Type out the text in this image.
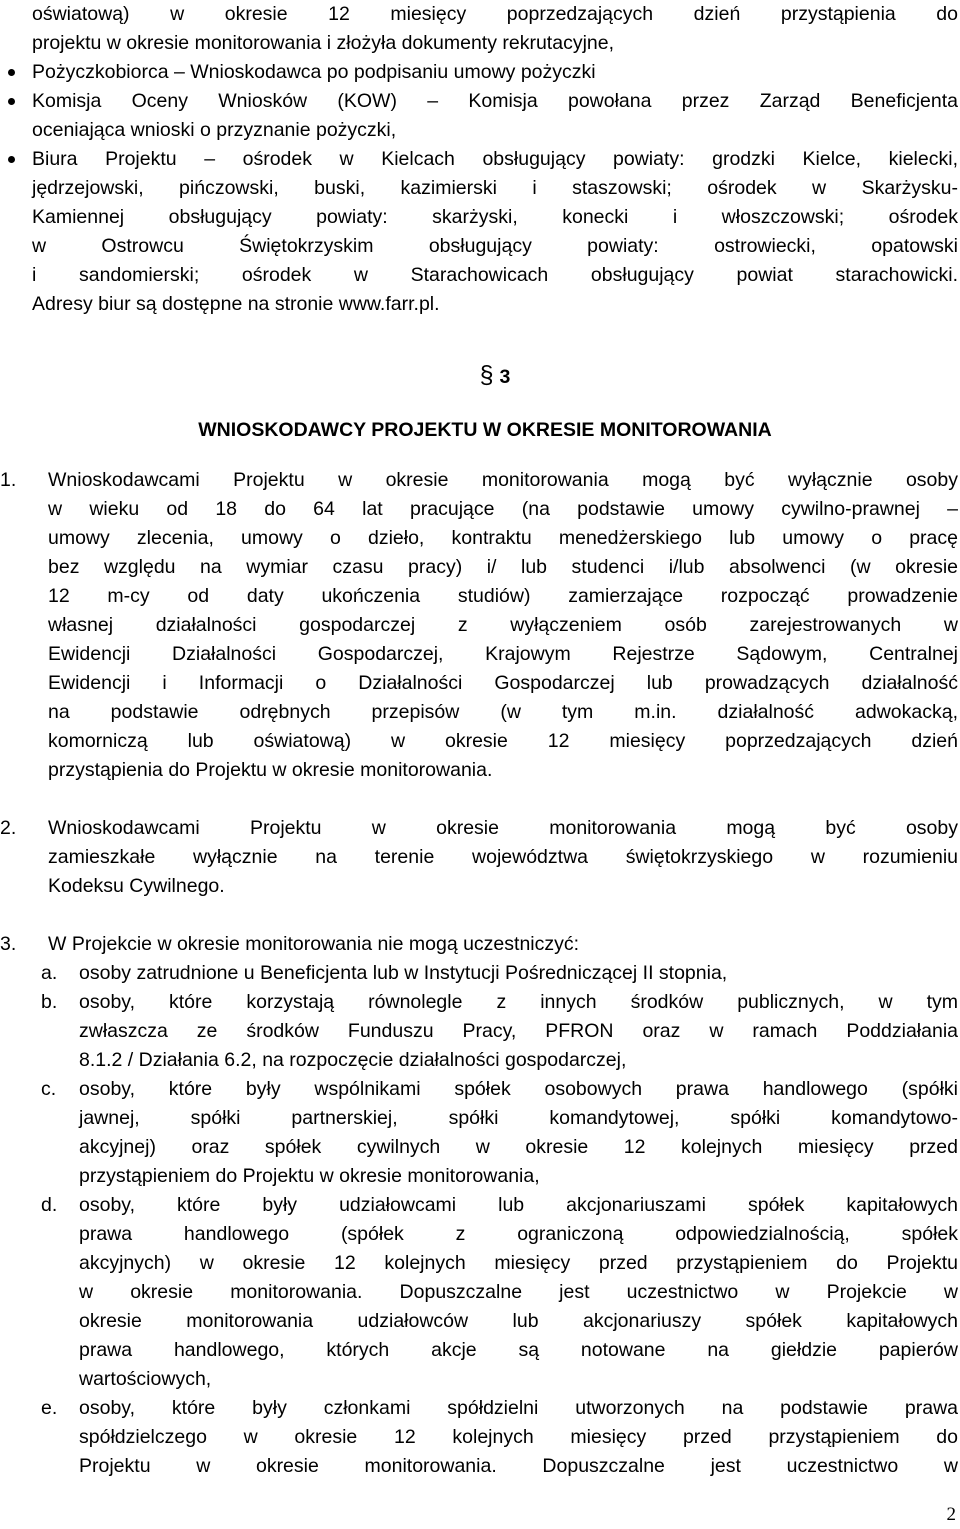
oświatową) w okresie 12 miesięcy poprzedzających dzień przystąpienia do
projektu w okresie monitorowania i złożyła dokumenty rekrutacyjne,
Pożyczkobiorca – Wnioskodawca po podpisaniu umowy pożyczki
Komisja Oceny Wniosków (KOW) – Komisja powołana przez Zarząd Beneficjenta
oceniająca wnioski o przyznanie pożyczki,
Biura Projektu – ośrodek w Kielcach obsługujący powiaty: grodzki Kielce, kielecki,
jędrzejowski, pińczowski, buski, kazimierski i staszowski; ośrodek w Skarżysku-
Kamiennej obsługujący powiaty: skarżyski, konecki i włoszczowski; ośrodek
w Ostrowcu Świętokrzyskim obsługujący powiaty: ostrowiecki, opatowski
i sandomierski; ośrodek w Starachowicach obsługujący powiat starachowicki.
Adresy biur są dostępne na stronie www.farr.pl.
§ 3
WNIOSKODAWCY PROJEKTU W OKRESIE MONITOROWANIA
1. Wnioskodawcami Projektu w okresie monitorowania mogą być wyłącznie osoby
w wieku od 18 do 64 lat pracujące (na podstawie umowy cywilno-prawnej –
umowy zlecenia, umowy o dzieło, kontraktu menedżerskiego lub umowy o pracę
bez względu na wymiar czasu pracy) i/ lub studenci i/lub absolwenci (w okresie
12 m-cy od daty ukończenia studiów) zamierzające rozpocząć prowadzenie
własnej działalności gospodarczej z wyłączeniem osób zarejestrowanych w
Ewidencji Działalności Gospodarczej, Krajowym Rejestrze Sądowym, Centralnej
Ewidencji i Informacji o Działalności Gospodarczej lub prowadzących działalność
na podstawie odrębnych przepisów (w tym m.in. działalność adwokacką,
komorniczą lub oświatową) w okresie 12 miesięcy poprzedzających dzień
przystąpienia do Projektu w okresie monitorowania.
2. Wnioskodawcami Projektu w okresie monitorowania mogą być osoby
zamieszkałe wyłącznie na terenie województwa świętokrzyskiego w rozumieniu
Kodeksu Cywilnego.
3. W Projekcie w okresie monitorowania nie mogą uczestniczyć:
a. osoby zatrudnione u Beneficjenta lub w Instytucji Pośredniczącej II stopnia,
b. osoby, które korzystają równolegle z innych środków publicznych, w tym
zwłaszcza ze środków Funduszu Pracy, PFRON oraz w ramach Poddziałania
8.1.2 / Działania 6.2, na rozpoczęcie działalności gospodarczej,
c. osoby, które były wspólnikami spółek osobowych prawa handlowego (spółki
jawnej, spółki partnerskiej, spółki komandytowej, spółki komandytowo-
akcyjnej) oraz spółek cywilnych w okresie 12 kolejnych miesięcy przed
przystąpieniem do Projektu w okresie monitorowania,
d. osoby, które były udziałowcami lub akcjonariuszami spółek kapitałowych
prawa handlowego (spółek z ograniczoną odpowiedzialnością, spółek
akcyjnych) w okresie 12 kolejnych miesięcy przed przystąpieniem do Projektu
w okresie monitorowania. Dopuszczalne jest uczestnictwo w Projekcie w
okresie monitorowania udziałowców lub akcjonariuszy spółek kapitałowych
prawa handlowego, których akcje są notowane na giełdzie papierów
wartościowych,
e. osoby, które były członkami spółdzielni utworzonych na podstawie prawa
spółdzielczego w okresie 12 kolejnych miesięcy przed przystąpieniem do
Projektu w okresie monitorowania. Dopuszczalne jest uczestnictwo w
2
